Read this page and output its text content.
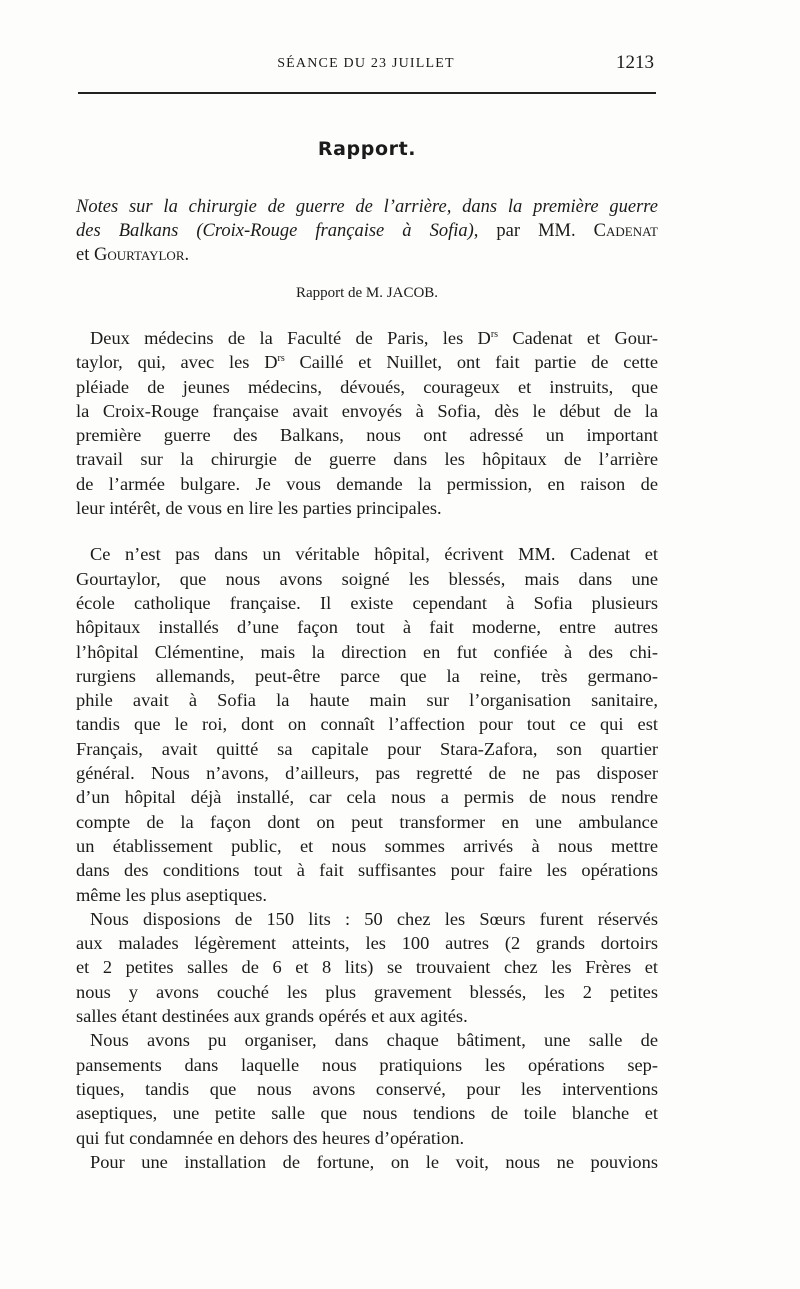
SÉANCE DU 23 JUILLET	1213
Rapport.
Notes sur la chirurgie de guerre de l’arrière, dans la première guerre
des Balkans (Croix-Rouge française à Sofia), par MM. Cadenat
et Gourtaylor.
Rapport de M. JACOB.
Deux médecins de la Faculté de Paris, les $D^{rs}$ Cadenat et Gour-
taylor, qui, avec les $D^{rs}$ Caillé et Nuillet, ont fait partie de cette
pléiade de jeunes médecins, dévoués, courageux et instruits, que
la Croix-Rouge française avait envoyés à Sofia, dès le début de la
première guerre des Balkans, nous ont adressé un important
travail sur la chirurgie de guerre dans les hôpitaux de l’arrière
de l’armée bulgare. Je vous demande la permission, en raison de
leur intérêt, de vous en lire les parties principales.
Ce n’est pas dans un véritable hôpital, écrivent MM. Cadenat et
Gourtaylor, que nous avons soigné les blessés, mais dans une
école catholique française. Il existe cependant à Sofia plusieurs
hôpitaux installés d’une façon tout à fait moderne, entre autres
l’hôpital Clémentine, mais la direction en fut confiée à des chi-
rurgiens allemands, peut-être parce que la reine, très germano-
phile avait à Sofia la haute main sur l’organisation sanitaire,
tandis que le roi, dont on connaît l’affection pour tout ce qui est
Français, avait quitté sa capitale pour Stara-Zafora, son quartier
général. Nous n’avons, d’ailleurs, pas regretté de ne pas disposer
d’un hôpital déjà installé, car cela nous a permis de nous rendre
compte de la façon dont on peut transformer en une ambulance
un établissement public, et nous sommes arrivés à nous mettre
dans des conditions tout à fait suffisantes pour faire les opérations
même les plus aseptiques.
Nous disposions de 150 lits : 50 chez les Sœurs furent réservés
aux malades légèrement atteints, les 100 autres (2 grands dortoirs
et 2 petites salles de 6 et 8 lits) se trouvaient chez les Frères et
nous y avons couché les plus gravement blessés, les 2 petites
salles étant destinées aux grands opérés et aux agités.
Nous avons pu organiser, dans chaque bâtiment, une salle de
pansements dans laquelle nous pratiquions les opérations sep-
tiques, tandis que nous avons conservé, pour les interventions
aseptiques, une petite salle que nous tendions de toile blanche et
qui fut condamnée en dehors des heures d’opération.
Pour une installation de fortune, on le voit, nous ne pouvions
